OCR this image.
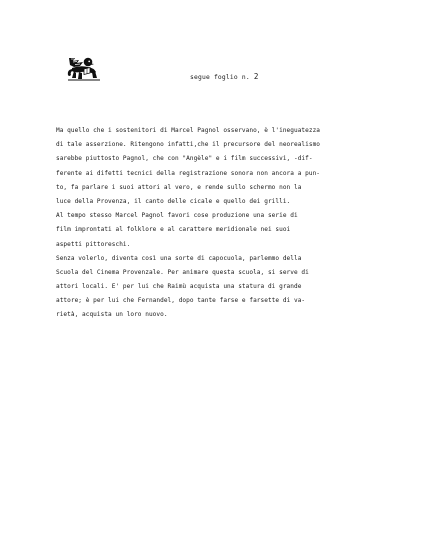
segue foglio n. 2
Ma quello che i sostenitori di Marcel Pagnol osservano, è l'ineguatezza
di tale asserzione. Ritengono infatti,che il precursore del neorealismo
sarebbe piuttosto Pagnol, che con "Angèle" e i film successivi, -dif-
ferente ai difetti tecnici della registrazione sonora non ancora a pun-
to, fa parlare i suoi attori al vero, e rende sullo schermo non la
luce della Provenza, il canto delle cicale e quello dei grilli.
Al tempo stesso Marcel Pagnol favori cose produzione una serie di
film improntati al folklore e al carattere meridionale nei suoi
aspetti pittoreschi.
Senza volerlo, diventa così una sorte di capocuola, parlemmo della
Scuola del Cinema Provenzale. Per animare questa scuola, si serve di
attori locali. E' per lui che Raimù acquista una statura di grande
attore; è per lui che Fernandel, dopo tante farse e farsette di va-
rietà, acquista un loro nuovo.
